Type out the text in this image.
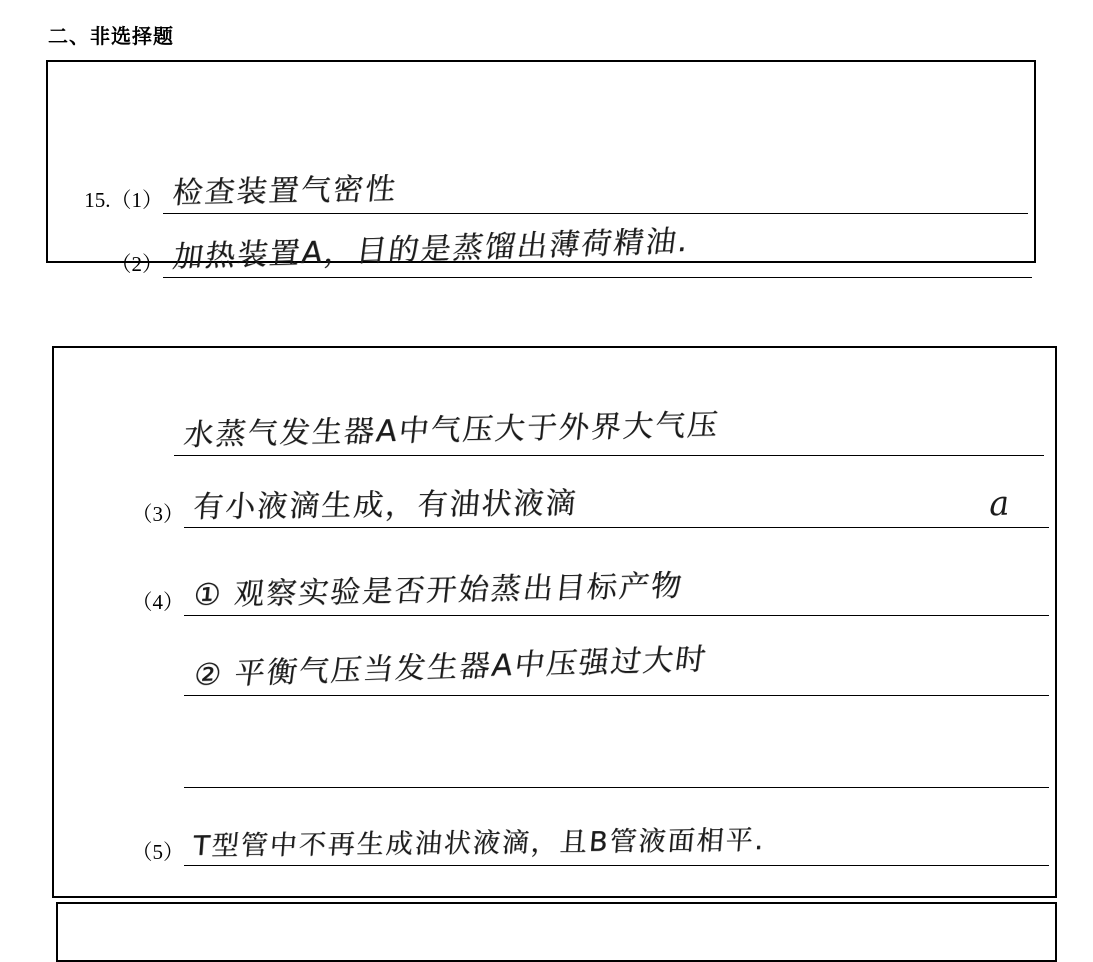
二、非选择题
15.（1） 检查装置气密性
（2） 加热装置A，目的是蒸馏出薄荷精油.
水蒸气发生器A中气压大于外界大气压
（3） 有小液滴生成，有油状液滴	a
（4） ① 观察实验是否开始蒸出目标产物
② 平衡气压当发生器A中压强过大时
（5） T型管中不再生成油状液滴，且B管液面相平.
